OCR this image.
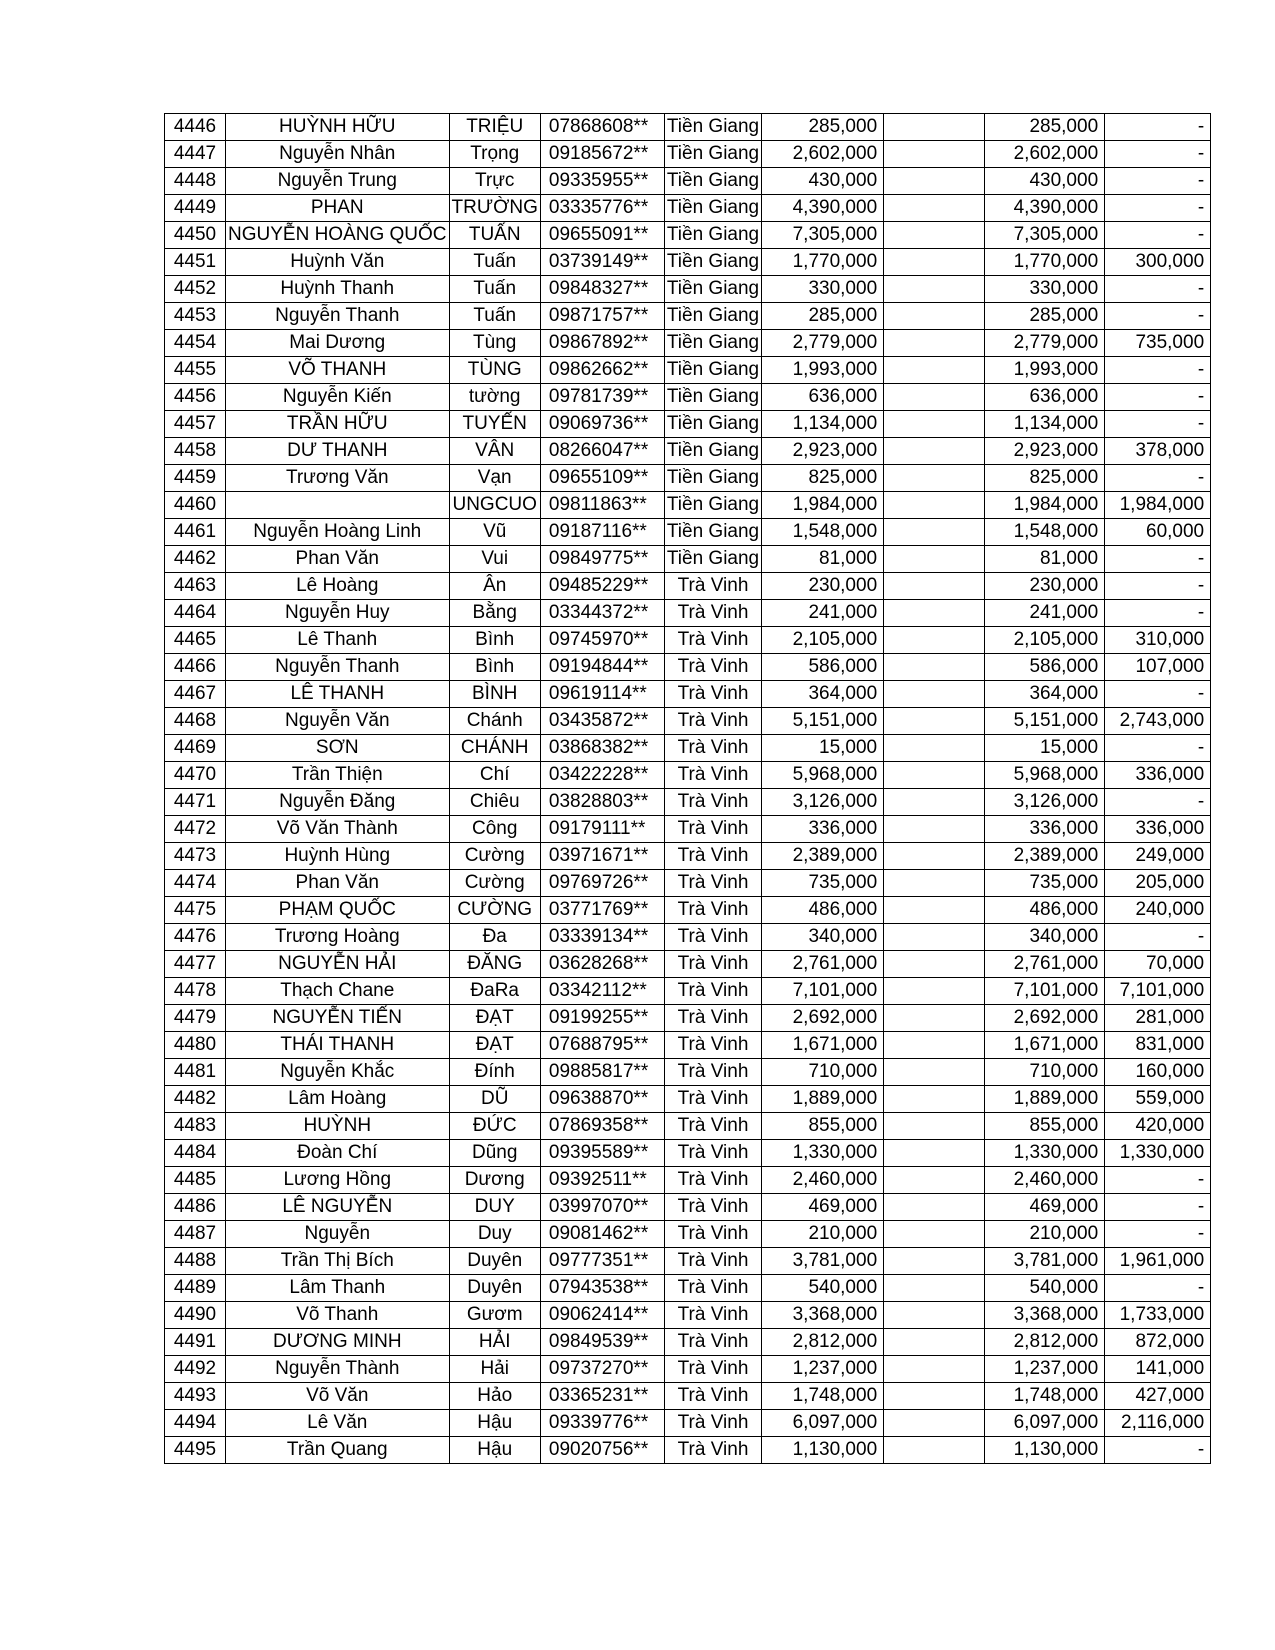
4446	HUỲNH HỮU	TRIỆU	07868608**	Tiền Giang	285,000		285,000	-
4447	Nguyễn Nhân	Trọng	09185672**	Tiền Giang	2,602,000		2,602,000	-
4448	Nguyễn Trung	Trực	09335955**	Tiền Giang	430,000		430,000	-
4449	PHAN	TRƯỜNG	03335776**	Tiền Giang	4,390,000		4,390,000	-
4450	NGUYỄN HOÀNG QUỐC	TUẤN	09655091**	Tiền Giang	7,305,000		7,305,000	-
4451	Huỳnh Văn	Tuấn	03739149**	Tiền Giang	1,770,000		1,770,000	300,000
4452	Huỳnh Thanh	Tuấn	09848327**	Tiền Giang	330,000		330,000	-
4453	Nguyễn Thanh	Tuấn	09871757**	Tiền Giang	285,000		285,000	-
4454	Mai Dương	Tùng	09867892**	Tiền Giang	2,779,000		2,779,000	735,000
4455	VÕ THANH	TÙNG	09862662**	Tiền Giang	1,993,000		1,993,000	-
4456	Nguyễn Kiến	tường	09781739**	Tiền Giang	636,000		636,000	-
4457	TRẦN HỮU	TUYẾN	09069736**	Tiền Giang	1,134,000		1,134,000	-
4458	DƯ THANH	VÂN	08266047**	Tiền Giang	2,923,000		2,923,000	378,000
4459	Trương Văn	Vạn	09655109**	Tiền Giang	825,000		825,000	-
4460		UNGCUO	09811863**	Tiền Giang	1,984,000		1,984,000	1,984,000
4461	Nguyễn Hoàng Linh	Vũ	09187116**	Tiền Giang	1,548,000		1,548,000	60,000
4462	Phan Văn	Vui	09849775**	Tiền Giang	81,000		81,000	-
4463	Lê Hoàng	Ân	09485229**	Trà Vinh	230,000		230,000	-
4464	Nguyễn Huy	Bằng	03344372**	Trà Vinh	241,000		241,000	-
4465	Lê Thanh	Bình	09745970**	Trà Vinh	2,105,000		2,105,000	310,000
4466	Nguyễn Thanh	Bình	09194844**	Trà Vinh	586,000		586,000	107,000
4467	LÊ THANH	BÌNH	09619114**	Trà Vinh	364,000		364,000	-
4468	Nguyễn Văn	Chánh	03435872**	Trà Vinh	5,151,000		5,151,000	2,743,000
4469	SƠN	CHÁNH	03868382**	Trà Vinh	15,000		15,000	-
4470	Trần Thiện	Chí	03422228**	Trà Vinh	5,968,000		5,968,000	336,000
4471	Nguyễn Đăng	Chiêu	03828803**	Trà Vinh	3,126,000		3,126,000	-
4472	Võ Văn Thành	Công	09179111**	Trà Vinh	336,000		336,000	336,000
4473	Huỳnh Hùng	Cường	03971671**	Trà Vinh	2,389,000		2,389,000	249,000
4474	Phan Văn	Cường	09769726**	Trà Vinh	735,000		735,000	205,000
4475	PHẠM QUỐC	CƯỜNG	03771769**	Trà Vinh	486,000		486,000	240,000
4476	Trương Hoàng	Đa	03339134**	Trà Vinh	340,000		340,000	-
4477	NGUYỄN HẢI	ĐĂNG	03628268**	Trà Vinh	2,761,000		2,761,000	70,000
4478	Thạch Chane	ĐaRa	03342112**	Trà Vinh	7,101,000		7,101,000	7,101,000
4479	NGUYỄN TIẾN	ĐẠT	09199255**	Trà Vinh	2,692,000		2,692,000	281,000
4480	THÁI THANH	ĐẠT	07688795**	Trà Vinh	1,671,000		1,671,000	831,000
4481	Nguyễn Khắc	Đính	09885817**	Trà Vinh	710,000		710,000	160,000
4482	Lâm Hoàng	DŨ	09638870**	Trà Vinh	1,889,000		1,889,000	559,000
4483	HUỲNH	ĐỨC	07869358**	Trà Vinh	855,000		855,000	420,000
4484	Đoàn Chí	Dũng	09395589**	Trà Vinh	1,330,000		1,330,000	1,330,000
4485	Lương Hồng	Dương	09392511**	Trà Vinh	2,460,000		2,460,000	-
4486	LÊ NGUYỄN	DUY	03997070**	Trà Vinh	469,000		469,000	-
4487	Nguyễn	Duy	09081462**	Trà Vinh	210,000		210,000	-
4488	Trần Thị Bích	Duyên	09777351**	Trà Vinh	3,781,000		3,781,000	1,961,000
4489	Lâm Thanh	Duyên	07943538**	Trà Vinh	540,000		540,000	-
4490	Võ Thanh	Gươm	09062414**	Trà Vinh	3,368,000		3,368,000	1,733,000
4491	DƯƠNG MINH	HẢI	09849539**	Trà Vinh	2,812,000		2,812,000	872,000
4492	Nguyễn Thành	Hải	09737270**	Trà Vinh	1,237,000		1,237,000	141,000
4493	Võ Văn	Hảo	03365231**	Trà Vinh	1,748,000		1,748,000	427,000
4494	Lê Văn	Hậu	09339776**	Trà Vinh	6,097,000		6,097,000	2,116,000
4495	Trần Quang	Hậu	09020756**	Trà Vinh	1,130,000		1,130,000	-
